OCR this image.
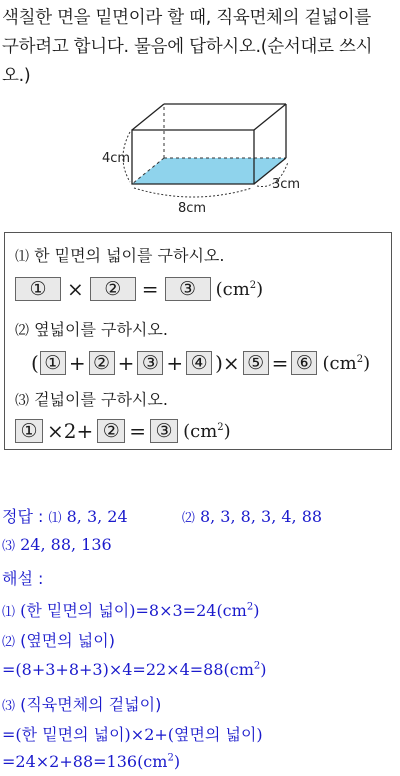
색칠한 면을 밑면이라 할 때, 직육면체의 겉넓이를
구하려고 합니다. 물음에 답하시오.(순서대로 쓰시
오.)
4cm
8cm
3cm
⑴ 한 밑면의 넓이를 구하시오.
① × ② = ③ $(cm^2)$
⑵ 옆넓이를 구하시오.
( ① + ② + ③ + ④ )× ⑤ = ⑥ $(cm^2)$
⑶ 겉넓이를 구하시오.
① ×2+ ② = ③ $(cm^2)$
정답 : ⑴ 8, 3, 24	⑵ 8, 3, 8, 3, 4, 88
⑶ 24, 88, 136
해설 :
⑴ (한 밑면의 넓이)$=8\times 3=24(cm^2)$
⑵ (옆면의 넓이)
$=(8+3+8+3)\times 4=22\times 4=88(cm^2)$
⑶ (직육면체의 겉넓이)
=(한 밑면의 넓이)×2+(옆면의 넓이)
$=24\times 2+88=136(cm^2)$
